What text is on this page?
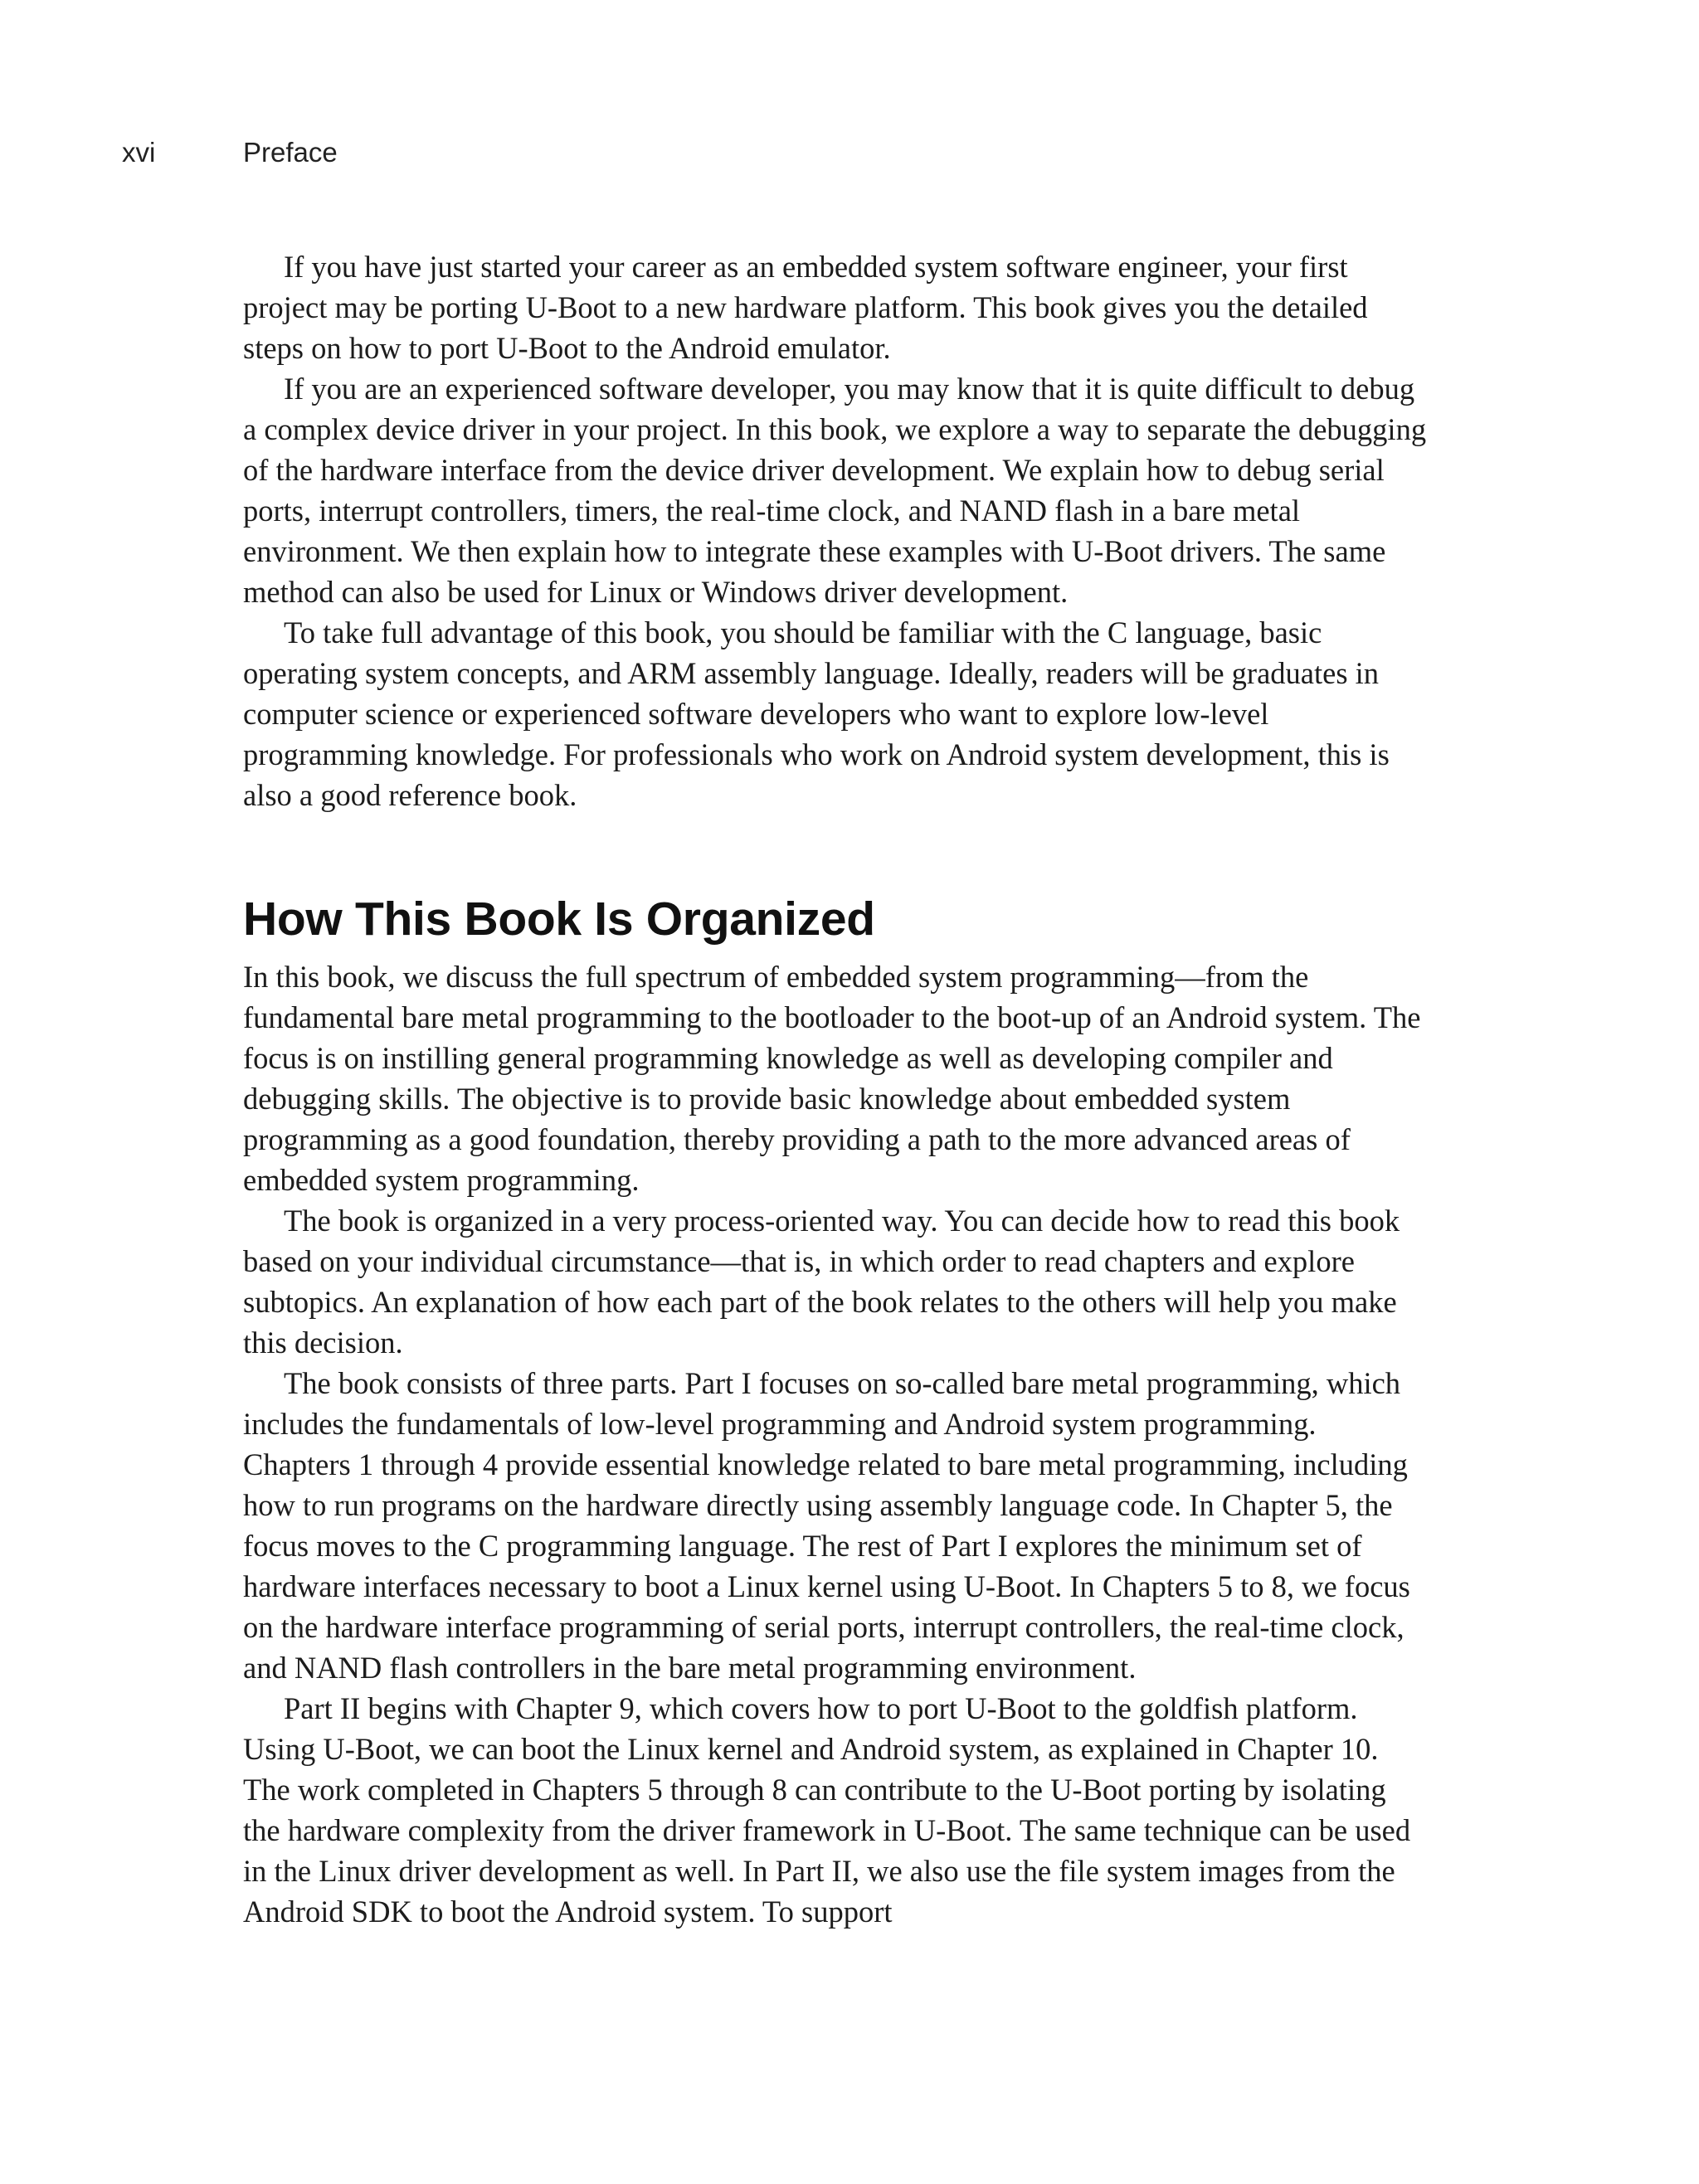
xvi	Preface

If you have just started your career as an embedded system software engineer, your first project may be porting U-Boot to a new hardware platform. This book gives you the detailed steps on how to port U-Boot to the Android emulator.

If you are an experienced software developer, you may know that it is quite difficult to debug a complex device driver in your project. In this book, we explore a way to separate the debugging of the hardware interface from the device driver development. We explain how to debug serial ports, interrupt controllers, timers, the real-time clock, and NAND flash in a bare metal environment. We then explain how to integrate these examples with U-Boot drivers. The same method can also be used for Linux or Windows driver development.

To take full advantage of this book, you should be familiar with the C language, basic operating system concepts, and ARM assembly language. Ideally, readers will be graduates in computer science or experienced software developers who want to explore low-level programming knowledge. For professionals who work on Android system development, this is also a good reference book.

How This Book Is Organized

In this book, we discuss the full spectrum of embedded system programming—from the fundamental bare metal programming to the bootloader to the boot-up of an Android system. The focus is on instilling general programming knowledge as well as developing compiler and debugging skills. The objective is to provide basic knowledge about embedded system programming as a good foundation, thereby providing a path to the more advanced areas of embedded system programming.

The book is organized in a very process-oriented way. You can decide how to read this book based on your individual circumstance—that is, in which order to read chapters and explore subtopics. An explanation of how each part of the book relates to the others will help you make this decision.

The book consists of three parts. Part I focuses on so-called bare metal programming, which includes the fundamentals of low-level programming and Android system programming. Chapters 1 through 4 provide essential knowledge related to bare metal programming, including how to run programs on the hardware directly using assembly language code. In Chapter 5, the focus moves to the C programming language. The rest of Part I explores the minimum set of hardware interfaces necessary to boot a Linux kernel using U-Boot. In Chapters 5 to 8, we focus on the hardware interface programming of serial ports, interrupt controllers, the real-time clock, and NAND flash controllers in the bare metal programming environment.

Part II begins with Chapter 9, which covers how to port U-Boot to the goldfish platform. Using U-Boot, we can boot the Linux kernel and Android system, as explained in Chapter 10. The work completed in Chapters 5 through 8 can contribute to the U-Boot porting by isolating the hardware complexity from the driver framework in U-Boot. The same technique can be used in the Linux driver development as well. In Part II, we also use the file system images from the Android SDK to boot the Android system. To support
